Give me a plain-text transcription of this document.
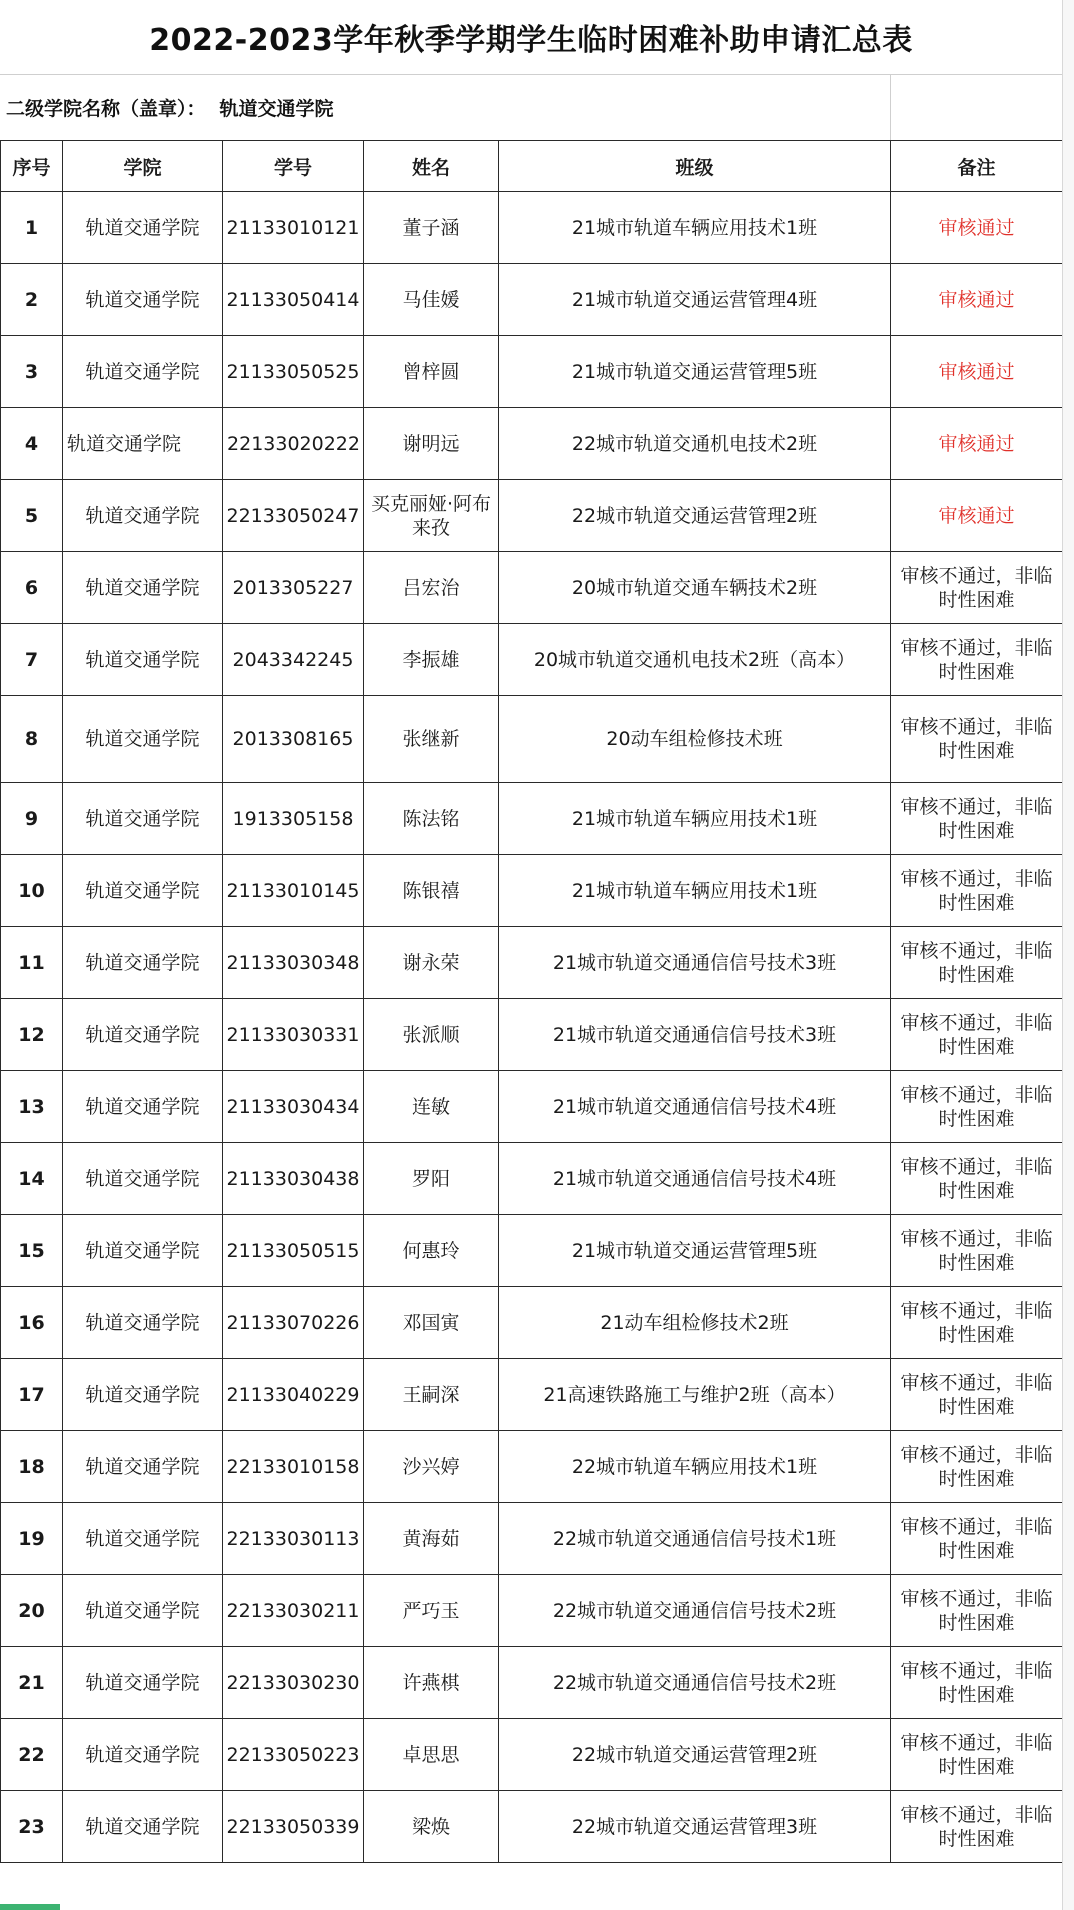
2022-2023学年秋季学期学生临时困难补助申请汇总表
二级学院名称（盖章）： 轨道交通学院
序号	学院	学号	姓名	班级	备注
1	轨道交通学院	21133010121	董子涵	21城市轨道车辆应用技术1班	审核通过
2	轨道交通学院	21133050414	马佳媛	21城市轨道交通运营管理4班	审核通过
3	轨道交通学院	21133050525	曾梓圆	21城市轨道交通运营管理5班	审核通过
4	轨道交通学院	22133020222	谢明远	22城市轨道交通机电技术2班	审核通过
5	轨道交通学院	22133050247	买克丽娅·阿布来孜	22城市轨道交通运营管理2班	审核通过
6	轨道交通学院	2013305227	吕宏治	20城市轨道交通车辆技术2班	审核不通过，非临时性困难
7	轨道交通学院	2043342245	李振雄	20城市轨道交通机电技术2班（高本）	审核不通过，非临时性困难
8	轨道交通学院	2013308165	张继新	20动车组检修技术班	审核不通过，非临时性困难
9	轨道交通学院	1913305158	陈法铭	21城市轨道车辆应用技术1班	审核不通过，非临时性困难
10	轨道交通学院	21133010145	陈银禧	21城市轨道车辆应用技术1班	审核不通过，非临时性困难
11	轨道交通学院	21133030348	谢永荣	21城市轨道交通通信信号技术3班	审核不通过，非临时性困难
12	轨道交通学院	21133030331	张派顺	21城市轨道交通通信信号技术3班	审核不通过，非临时性困难
13	轨道交通学院	21133030434	连敏	21城市轨道交通通信信号技术4班	审核不通过，非临时性困难
14	轨道交通学院	21133030438	罗阳	21城市轨道交通通信信号技术4班	审核不通过，非临时性困难
15	轨道交通学院	21133050515	何惠玲	21城市轨道交通运营管理5班	审核不通过，非临时性困难
16	轨道交通学院	21133070226	邓国寅	21动车组检修技术2班	审核不通过，非临时性困难
17	轨道交通学院	21133040229	王嗣深	21高速铁路施工与维护2班（高本）	审核不通过，非临时性困难
18	轨道交通学院	22133010158	沙兴婷	22城市轨道车辆应用技术1班	审核不通过，非临时性困难
19	轨道交通学院	22133030113	黄海茹	22城市轨道交通通信信号技术1班	审核不通过，非临时性困难
20	轨道交通学院	22133030211	严巧玉	22城市轨道交通通信信号技术2班	审核不通过，非临时性困难
21	轨道交通学院	22133030230	许燕棋	22城市轨道交通通信信号技术2班	审核不通过，非临时性困难
22	轨道交通学院	22133050223	卓思思	22城市轨道交通运营管理2班	审核不通过，非临时性困难
23	轨道交通学院	22133050339	梁焕	22城市轨道交通运营管理3班	审核不通过，非临时性困难
